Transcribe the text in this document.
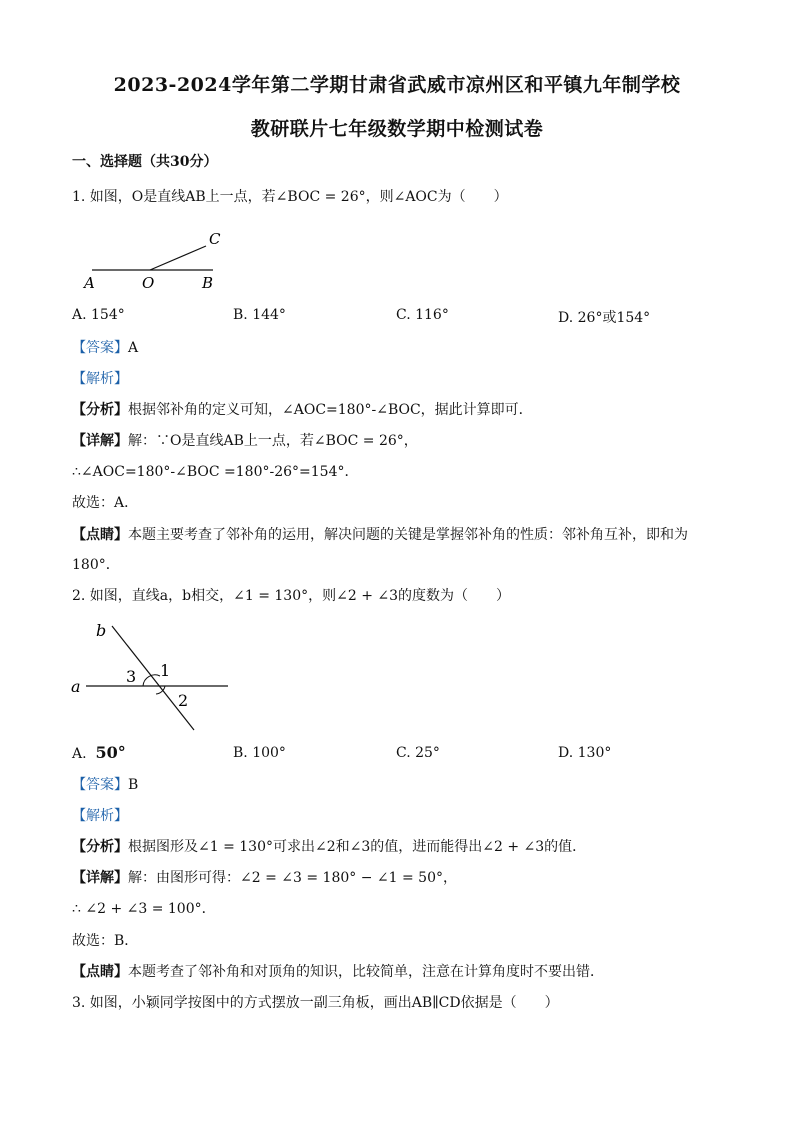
2023-2024学年第二学期甘肃省武威市凉州区和平镇九年制学校
教研联片七年级数学期中检测试卷
一、选择题（共30分）
1. 如图，O是直线AB上一点，若∠BOC = 26°，则∠AOC为（　　）
A	O	B
C
A. 154°	B. 144°	C. 116°	D. 26°或154°
【答案】A
【解析】
【分析】根据邻补角的定义可知，∠AOC=180°-∠BOC，据此计算即可．
【详解】解：∵O是直线AB上一点，若∠BOC = 26°，
∴∠AOC=180°-∠BOC =180°-26°=154°．
故选：A．
【点睛】本题主要考查了邻补角的运用，解决问题的关键是掌握邻补角的性质：邻补角互补，即和为
180°．
2. 如图，直线a，b相交，∠1 = 130°，则∠2 + ∠3的度数为（　　）
b
a
3 1
2
A. 50°	B. 100°	C. 25°	D. 130°
【答案】B
【解析】
【分析】根据图形及∠1 = 130°可求出∠2和∠3的值，进而能得出∠2 + ∠3的值．
【详解】解：由图形可得：∠2 = ∠3 = 180° − ∠1 = 50°，
∴ ∠2 + ∠3 = 100°．
故选：B．
【点睛】本题考查了邻补角和对顶角的知识，比较简单，注意在计算角度时不要出错．
3. 如图，小颖同学按图中的方式摆放一副三角板，画出AB∥CD依据是（　　）
